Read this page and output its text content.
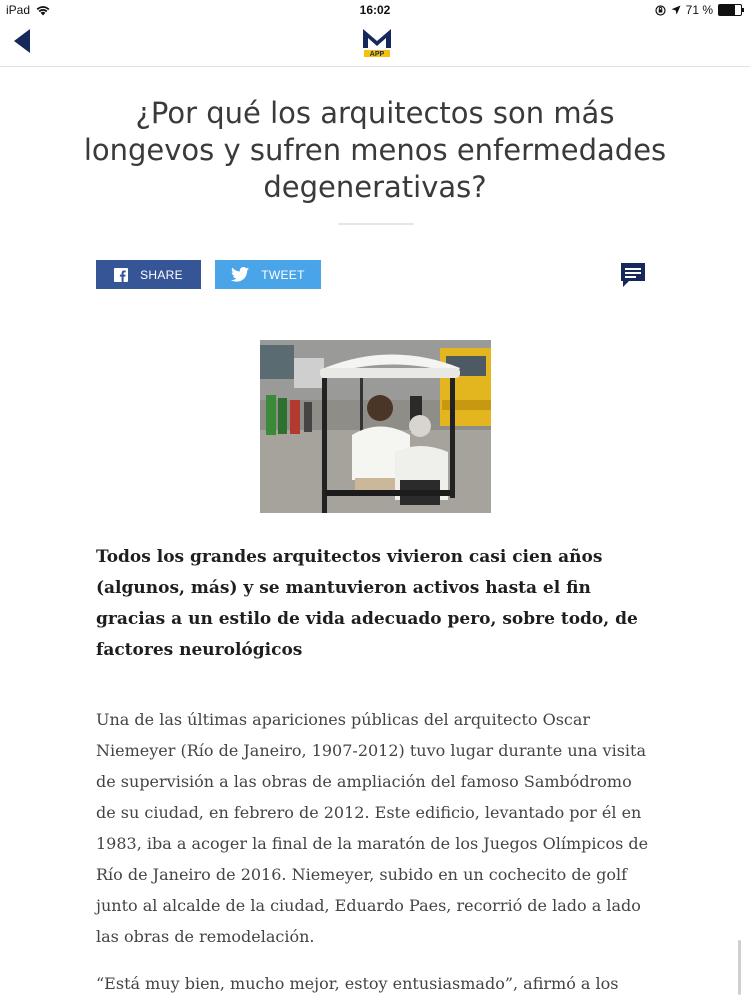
iPad	16:02	71 %
APP
¿Por qué los arquitectos son más longevos y sufren menos enfermedades degenerativas?
SHARE	TWEET

Todos los grandes arquitectos vivieron casi cien años (algunos, más) y se mantuvieron activos hasta el fin gracias a un estilo de vida adecuado pero, sobre todo, de factores neurológicos

Una de las últimas apariciones públicas del arquitecto Oscar Niemeyer (Río de Janeiro, 1907-2012) tuvo lugar durante una visita de supervisión a las obras de ampliación del famoso Sambódromo de su ciudad, en febrero de 2012. Este edificio, levantado por él en 1983, iba a acoger la final de la maratón de los Juegos Olímpicos de Río de Janeiro de 2016. Niemeyer, subido en un cochecito de golf junto al alcalde de la ciudad, Eduardo Paes, recorrió de lado a lado las obras de remodelación.

“Está muy bien, mucho mejor, estoy entusiasmado”, afirmó a los
